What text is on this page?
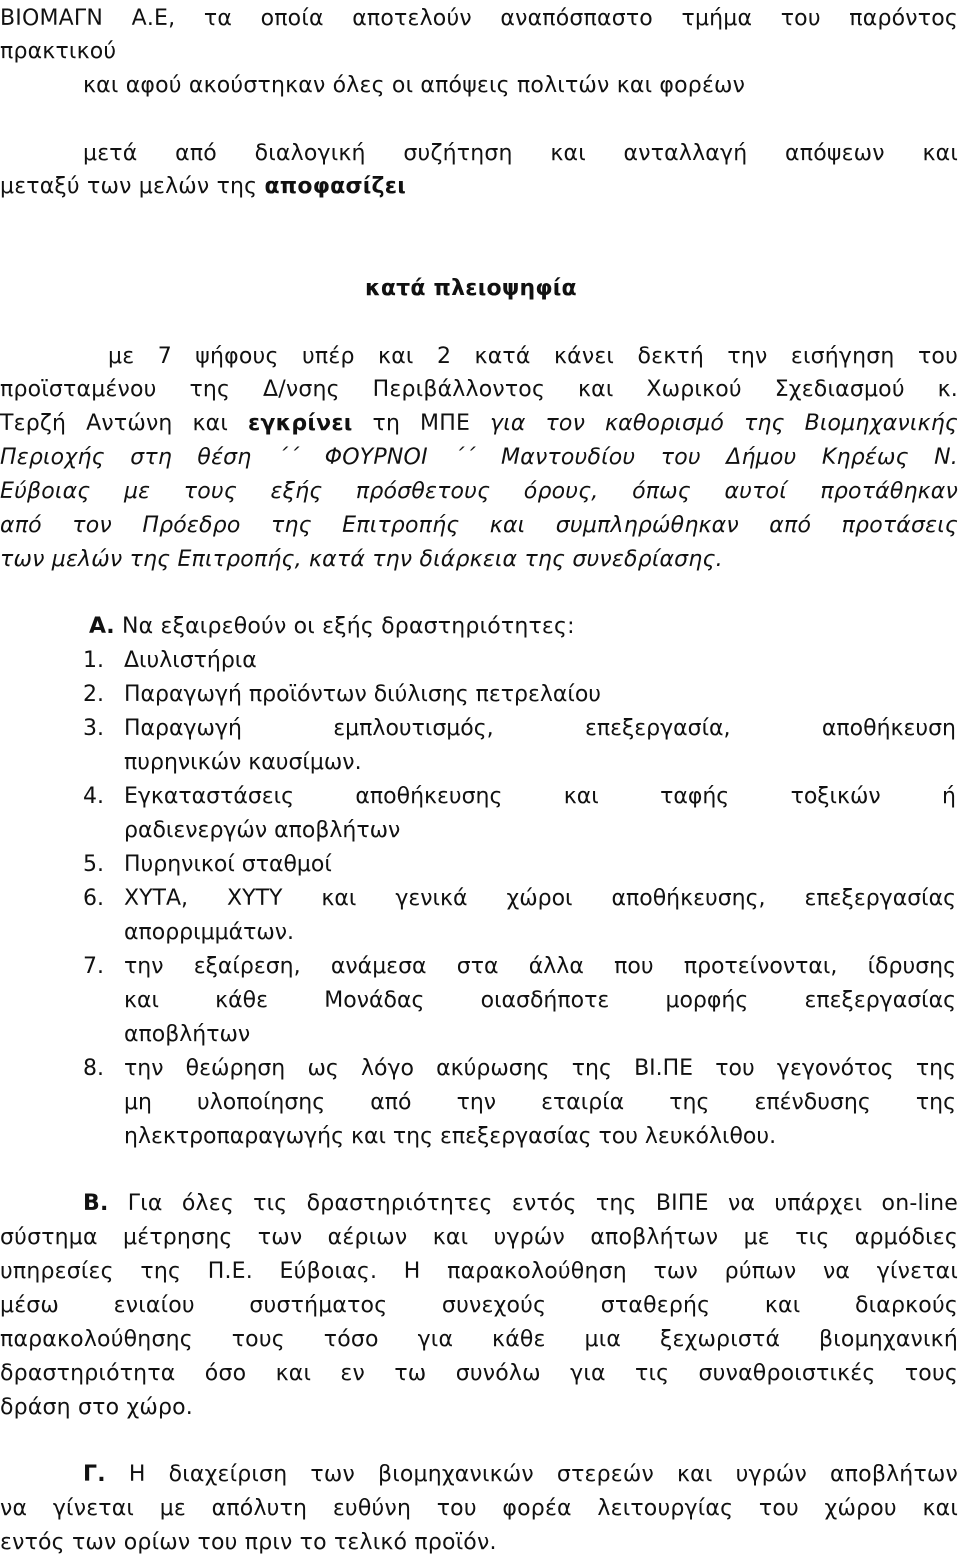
ΒΙΟΜΑΓΝ Α.Ε, τα οποία αποτελούν αναπόσπαστο τμήμα του παρόντος
πρακτικού
και αφού ακούστηκαν όλες οι απόψεις πολιτών και φορέων
μετά από διαλογική συζήτηση και ανταλλαγή απόψεων και
μεταξύ των μελών της αποφασίζει
κατά πλειοψηφία
με 7 ψήφους υπέρ και 2 κατά κάνει δεκτή την εισήγηση του
προϊσταμένου της Δ/νσης Περιβάλλοντος και Χωρικού Σχεδιασμού κ.
Τερζή Αντώνη και εγκρίνει τη ΜΠΕ για τον καθορισμό της Βιομηχανικής
Περιοχής στη θέση ΄΄ ΦΟΥΡΝΟΙ ΄΄ Μαντουδίου του Δήμου Κηρέως Ν.
Εύβοιας με τους εξής πρόσθετους όρους, όπως αυτοί προτάθηκαν
από τον Πρόεδρο της Επιτροπής και συμπληρώθηκαν από προτάσεις
των μελών της Επιτροπής, κατά την διάρκεια της συνεδρίασης.
Α. Να εξαιρεθούν οι εξής δραστηριότητες:
1. Διυλιστήρια
2. Παραγωγή προϊόντων διύλισης πετρελαίου
3. Παραγωγή εμπλουτισμός, επεξεργασία, αποθήκευση
πυρηνικών καυσίμων.
4. Εγκαταστάσεις αποθήκευσης και ταφής τοξικών ή
ραδιενεργών αποβλήτων
5. Πυρηνικοί σταθμοί
6. ΧΥΤΑ, ΧΥΤΥ και γενικά χώροι αποθήκευσης, επεξεργασίας
απορριμμάτων.
7. την εξαίρεση, ανάμεσα στα άλλα που προτείνονται, ίδρυσης
και κάθε Μονάδας οιασδήποτε μορφής επεξεργασίας
αποβλήτων
8. την θεώρηση ως λόγο ακύρωσης της ΒΙ.ΠΕ του γεγονότος της
μη υλοποίησης από την εταιρία της επένδυσης της
ηλεκτροπαραγωγής και της επεξεργασίας του λευκόλιθου.
Β. Για όλες τις δραστηριότητες εντός της ΒΙΠΕ να υπάρχει on-line
σύστημα μέτρησης των αέριων και υγρών αποβλήτων με τις αρμόδιες
υπηρεσίες της Π.Ε. Εύβοιας. Η παρακολούθηση των ρύπων να γίνεται
μέσω ενιαίου συστήματος συνεχούς σταθερής και διαρκούς
παρακολούθησης τους τόσο για κάθε μια ξεχωριστά βιομηχανική
δραστηριότητα όσο και εν τω συνόλω για τις συναθροιστικές τους
δράση στο χώρο.
Γ. Η διαχείριση των βιομηχανικών στερεών και υγρών αποβλήτων
να γίνεται με απόλυτη ευθύνη του φορέα λειτουργίας του χώρου και
εντός των ορίων του πριν το τελικό προϊόν.
